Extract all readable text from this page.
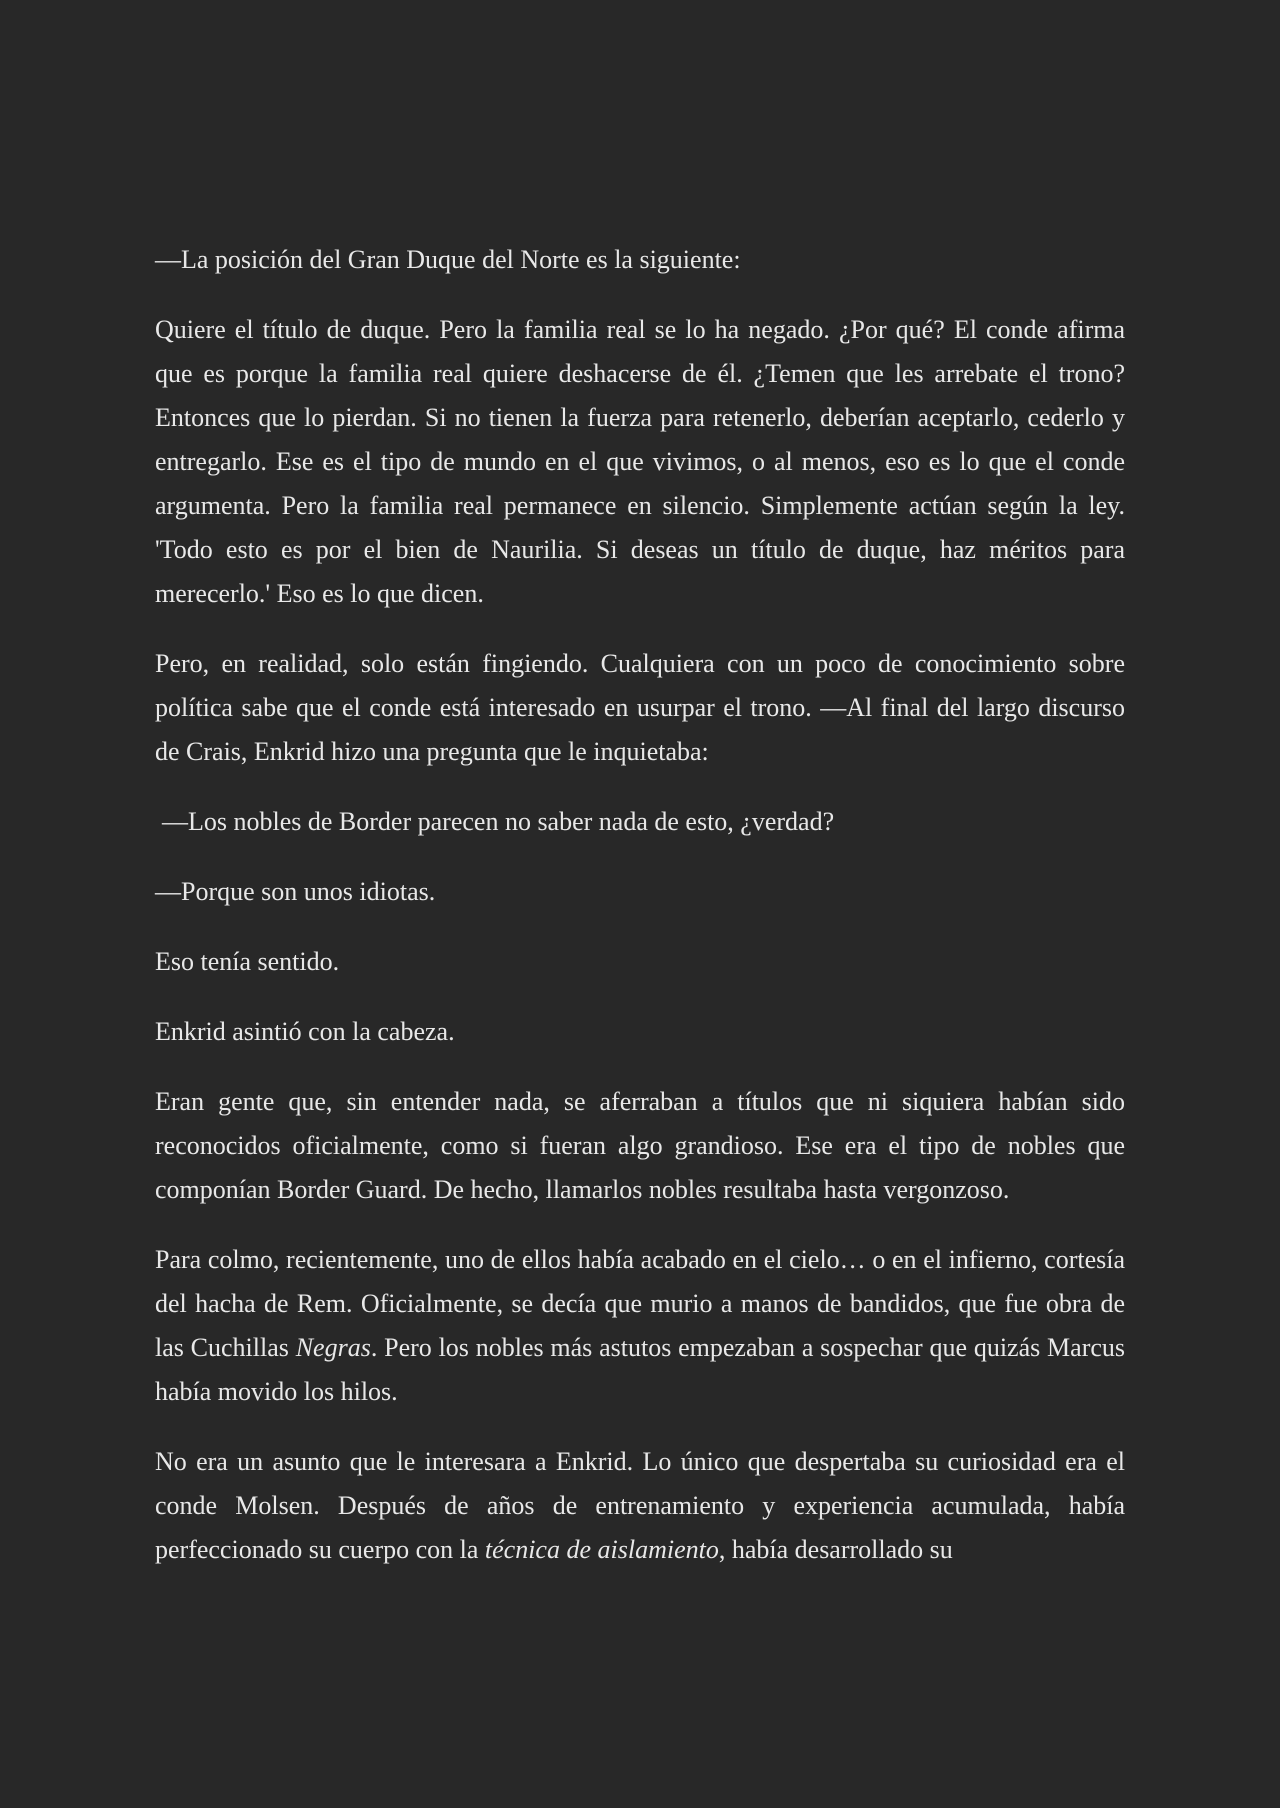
—La posición del Gran Duque del Norte es la siguiente:

Quiere el título de duque. Pero la familia real se lo ha negado. ¿Por qué? El conde afirma que es porque la familia real quiere deshacerse de él. ¿Temen que les arrebate el trono? Entonces que lo pierdan. Si no tienen la fuerza para retenerlo, deberían aceptarlo, cederlo y entregarlo. Ese es el tipo de mundo en el que vivimos, o al menos, eso es lo que el conde argumenta. Pero la familia real permanece en silencio. Simplemente actúan según la ley. 'Todo esto es por el bien de Naurilia. Si deseas un título de duque, haz méritos para merecerlo.' Eso es lo que dicen.

Pero, en realidad, solo están fingiendo. Cualquiera con un poco de conocimiento sobre política sabe que el conde está interesado en usurpar el trono. —Al final del largo discurso de Crais, Enkrid hizo una pregunta que le inquietaba:

—Los nobles de Border parecen no saber nada de esto, ¿verdad?

—Porque son unos idiotas.

Eso tenía sentido.

Enkrid asintió con la cabeza.

Eran gente que, sin entender nada, se aferraban a títulos que ni siquiera habían sido reconocidos oficialmente, como si fueran algo grandioso. Ese era el tipo de nobles que componían Border Guard. De hecho, llamarlos nobles resultaba hasta vergonzoso.

Para colmo, recientemente, uno de ellos había acabado en el cielo… o en el infierno, cortesía del hacha de Rem. Oficialmente, se decía que murio a manos de bandidos, que fue obra de las Cuchillas Negras. Pero los nobles más astutos empezaban a sospechar que quizás Marcus había movido los hilos.

No era un asunto que le interesara a Enkrid. Lo único que despertaba su curiosidad era el conde Molsen. Después de años de entrenamiento y experiencia acumulada, había perfeccionado su cuerpo con la técnica de aislamiento, había desarrollado su
